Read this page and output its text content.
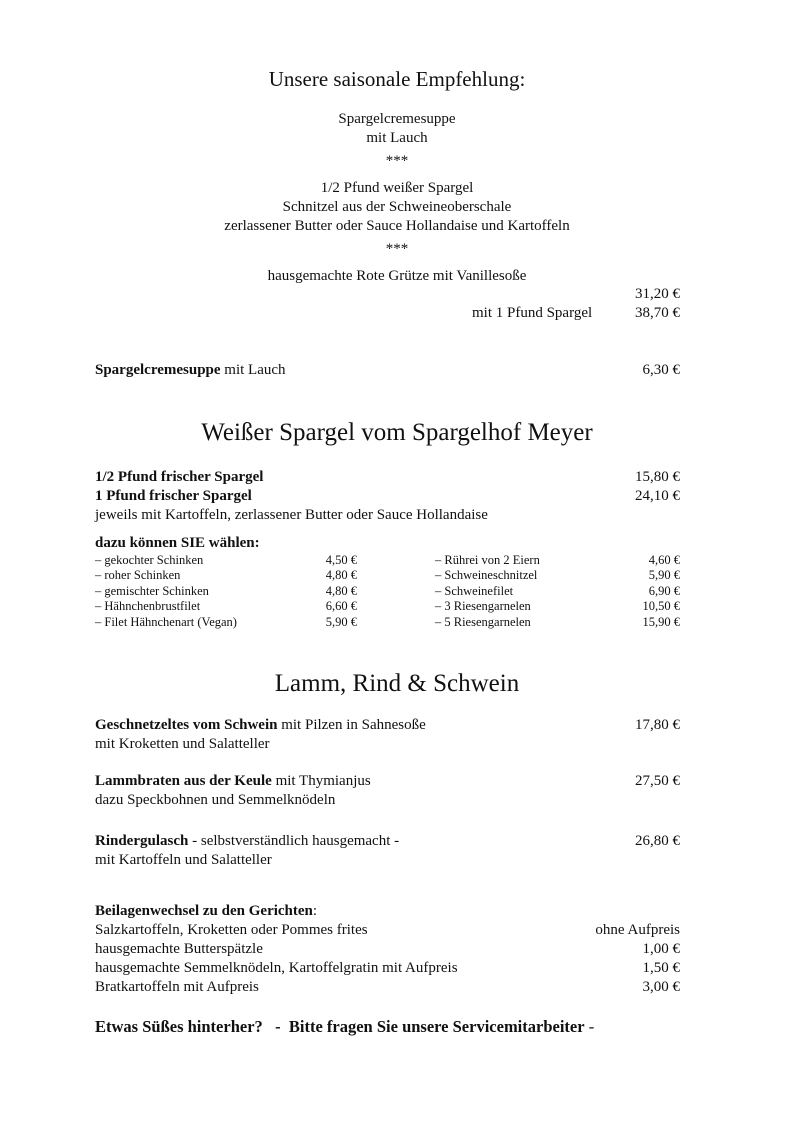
Unsere saisonale Empfehlung:
Spargelcremesuppe
mit Lauch
***
1/2 Pfund weißer Spargel
Schnitzel aus der Schweineoberschale
zerlassener Butter oder Sauce Hollandaise und Kartoffeln
***
hausgemachte Rote Grütze mit Vanillesoße
31,20 €
mit 1 Pfund Spargel	38,70 €
Spargelcremesuppe mit Lauch	6,30 €
Weißer Spargel vom Spargelhof Meyer
1/2 Pfund frischer Spargel	15,80 €
1 Pfund frischer Spargel	24,10 €
jeweils mit Kartoffeln, zerlassener Butter oder Sauce Hollandaise
dazu können SIE wählen:
– gekochter Schinken	4,50 €
– roher Schinken	4,80 €
– gemischter Schinken	4,80 €
– Hähnchenbrustfilet	6,60 €
– Filet Hähnchenart (Vegan)	5,90 €
– Rührei von 2 Eiern	4,60 €
– Schweineschnitzel	5,90 €
– Schweinefilet	6,90 €
– 3 Riesengarnelen	10,50 €
– 5 Riesengarnelen	15,90 €
Lamm, Rind & Schwein
Geschnetzeltes vom Schwein mit Pilzen in Sahnesoße	17,80 €
mit Kroketten und Salatteller
Lammbraten aus der Keule mit Thymianjus	27,50 €
dazu Speckbohnen und Semmelknödeln
Rindergulasch - selbstverständlich hausgemacht -	26,80 €
mit Kartoffeln und Salatteller
Beilagenwechsel zu den Gerichten:
Salzkartoffeln, Kroketten oder Pommes frites	ohne Aufpreis
hausgemachte Butterspätzle	1,00 €
hausgemachte Semmelknödeln, Kartoffelgratin mit Aufpreis	1,50 €
Bratkartoffeln mit Aufpreis	3,00 €
Etwas Süßes hinterher?   -  Bitte fragen Sie unsere Servicemitarbeiter -
